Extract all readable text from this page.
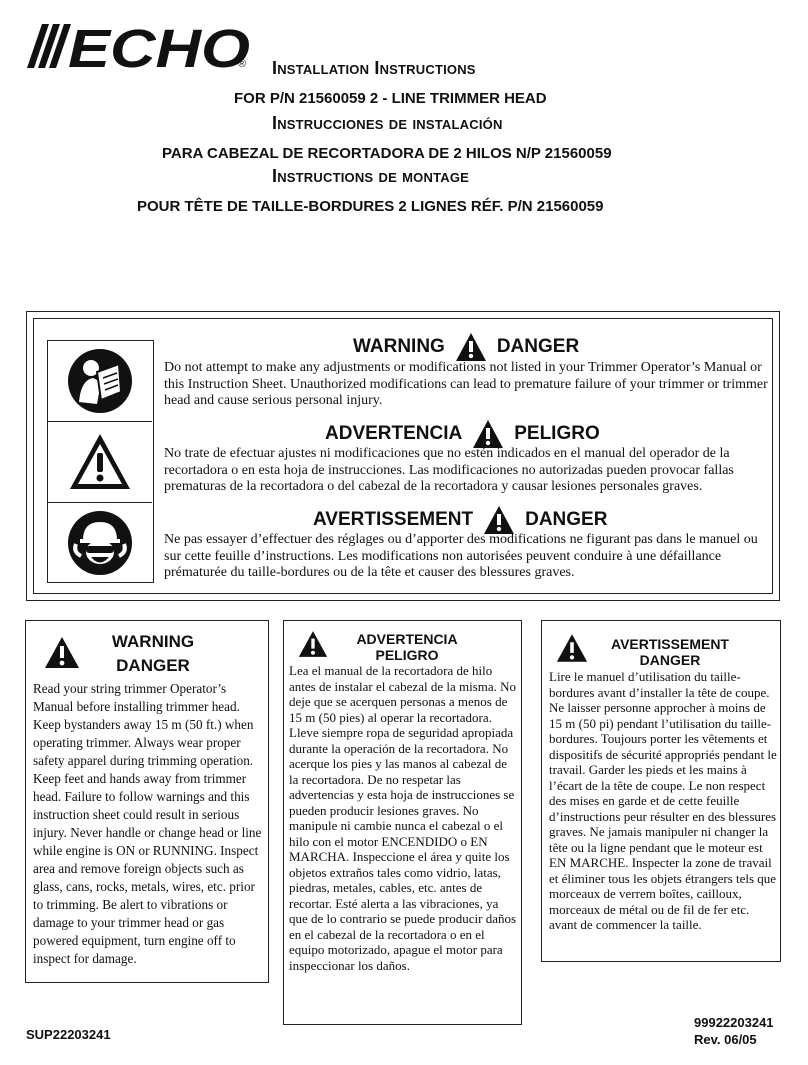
ECHO
® Installation Instructions
FOR P/N 21560059 2 - LINE TRIMMER HEAD
Instrucciones de instalación
PARA CABEZAL DE RECORTADORA DE 2 HILOS N/P 21560059
Instructions de montage
POUR TÊTE DE TAILLE-BORDURES 2 LIGNES RÉF. P/N 21560059
WARNING	DANGER
Do not attempt to make any adjustments or modifications not listed in your Trimmer Operator’s Manual or this Instruction Sheet. Unauthorized modifications can lead to premature failure of your trimmer or trimmer head and cause serious personal injury.
ADVERTENCIA	PELIGRO
No trate de efectuar ajustes ni modificaciones que no estén indicados en el manual del operador de la recortadora o en esta hoja de instrucciones. Las modificaciones no autorizadas pueden provocar fallas prematuras de la recortadora o del cabezal de la recortadora y causar lesiones personales graves.
AVERTISSEMENT	DANGER
Ne pas essayer d’effectuer des réglages ou d’apporter des modifications ne figurant pas dans le manuel ou sur cette feuille d’instructions. Les modifications non autorisées peuvent conduire à une défaillance prématurée du taille-bordures ou de la tête et causer des blessures graves.
WARNING
DANGER
Read your string trimmer Operator’s Manual before installing trimmer head. Keep bystanders away 15 m (50 ft.) when operating trimmer. Always wear proper safety apparel during trimming operation. Keep feet and hands away from trimmer head. Failure to follow warnings and this instruction sheet could result in serious injury. Never handle or change head or line while engine is ON or RUNNING. Inspect area and remove foreign objects such as glass, cans, rocks, metals, wires, etc. prior to trimming. Be alert to vibrations or damage to your trimmer head or gas powered equipment, turn engine off to inspect for damage.
ADVERTENCIA
PELIGRO
Lea el manual de la recortadora de hilo antes de instalar el cabezal de la misma. No deje que se acerquen personas a menos de 15 m (50 pies) al operar la recortadora. Lleve siempre ropa de seguridad apropiada durante la operación de la recortadora. No acerque los pies y las manos al cabezal de la recortadora. De no respetar las advertencias y esta hoja de instrucciones se pueden producir lesiones graves. No manipule ni cambie nunca el cabezal o el hilo con el motor ENCENDIDO o EN MARCHA. Inspeccione el área y quite los objetos extraños tales como vidrio, latas, piedras, metales, cables, etc. antes de recortar. Esté alerta a las vibraciones, ya que de lo contrario se puede producir daños en el cabezal de la recortadora o en el equipo motorizado, apague el motor para inspeccionar los daños.
AVERTISSEMENT
DANGER
Lire le manuel d’utilisation du taille-bordures avant d’installer la tête de coupe. Ne laisser personne approcher à moins de 15 m (50 pi) pendant l’utilisation du taille-bordures. Toujours porter les vêtements et dispositifs de sécurité appropriés pendant le travail. Garder les pieds et les mains à l’écart de la tête de coupe. Le non respect des mises en garde et de cette feuille d’instructions peur résulter en des blessures graves. Ne jamais manipuler ni changer la tête ou la ligne pendant que le moteur est EN MARCHE. Inspecter la zone de travail et éliminer tous les objets étrangers tels que morceaux de verrem boîtes, cailloux, morceaux de métal ou de fil de fer etc. avant de commencer la taille.
SUP22203241
99922203241
Rev. 06/05
